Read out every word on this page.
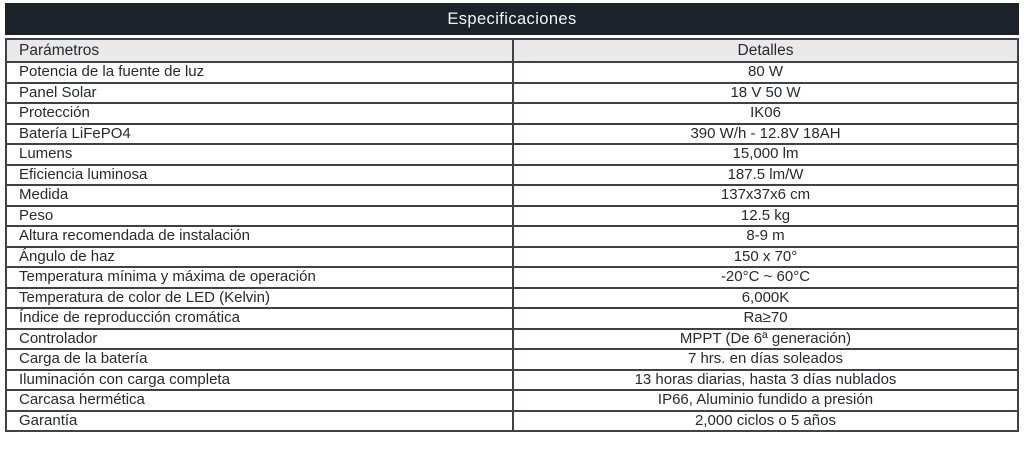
Especificaciones
Parámetros	Detalles
Potencia de la fuente de luz	80 W
Panel Solar	18 V 50 W
Protección	IK06
Batería LiFePO4	390 W/h - 12.8V 18AH
Lumens	15,000 lm
Eficiencia luminosa	187.5 lm/W
Medida	137x37x6 cm
Peso	12.5 kg
Altura recomendada de instalación	8-9 m
Ángulo de haz	150 x 70°
Temperatura mínima y máxima de operación	-20°C ~ 60°C
Temperatura de color de LED (Kelvin)	6,000K
Índice de reproducción cromática	Ra≥70
Controlador	MPPT (De 6ª generación)
Carga de la batería	7 hrs. en días soleados
Iluminación con carga completa	13 horas diarias, hasta 3 días nublados
Carcasa hermética	IP66, Aluminio fundido a presión
Garantía	2,000 ciclos o 5 años
